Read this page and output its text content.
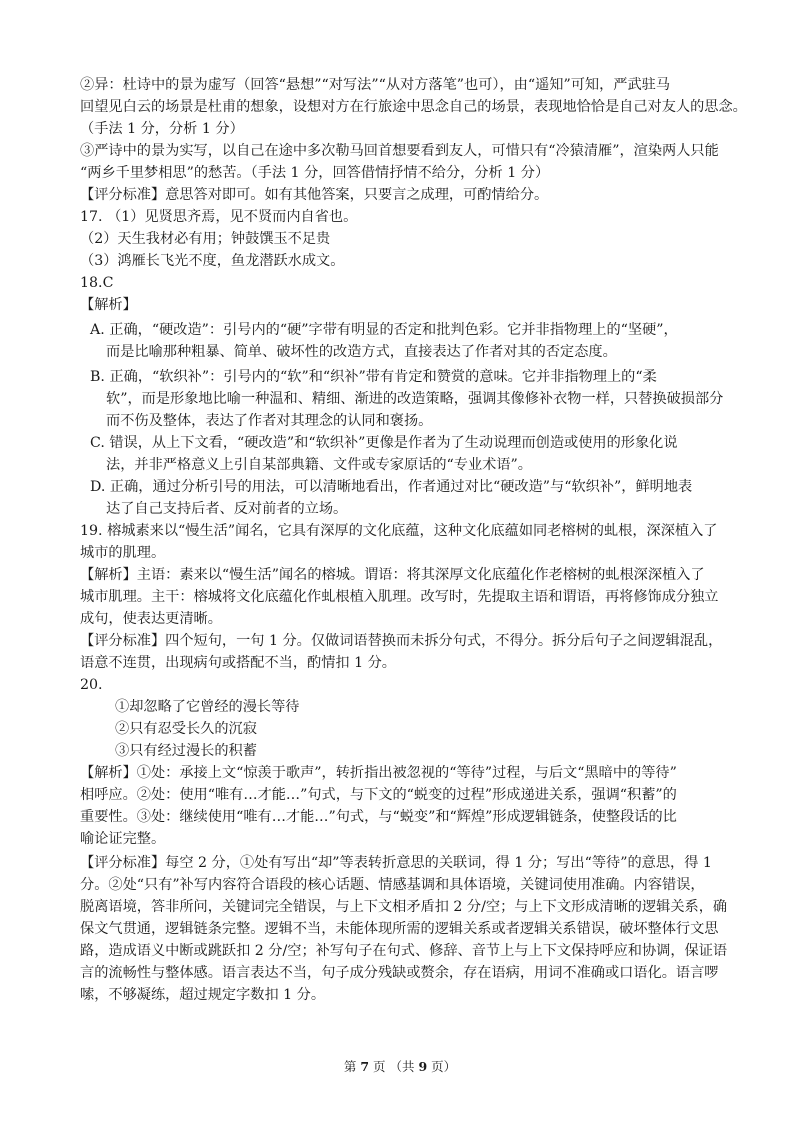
②异：杜诗中的景为虚写（回答“悬想”“对写法”“从对方落笔”也可），由“遥知”可知，严武驻马
回望见白云的场景是杜甫的想象，设想对方在行旅途中思念自己的场景，表现地恰恰是自己对友人的思念。
（手法 1 分，分析 1 分）
③严诗中的景为实写，以自己在途中多次勒马回首想要看到友人，可惜只有“冷猿清雁”，渲染两人只能
“两乡千里梦相思”的愁苦。（手法 1 分，回答借情抒情不给分，分析 1 分）
【评分标准】意思答对即可。如有其他答案，只要言之成理，可酌情给分。
17. （1）见贤思齐焉，见不贤而内自省也。
（2）天生我材必有用；钟鼓馔玉不足贵
（3）鸿雁长飞光不度，鱼龙潜跃水成文。
18.C
【解析】
A. 正确，“硬改造”：引号内的“硬”字带有明显的否定和批判色彩。它并非指物理上的“坚硬”，
而是比喻那种粗暴、简单、破坏性的改造方式，直接表达了作者对其的否定态度。
B. 正确，“软织补”：引号内的“软”和“织补”带有肯定和赞赏的意味。它并非指物理上的“柔
软”，而是形象地比喻一种温和、精细、渐进的改造策略，强调其像修补衣物一样，只替换破损部分
而不伤及整体，表达了作者对其理念的认同和褒扬。
C. 错误，从上下文看，“硬改造”和“软织补”更像是作者为了生动说理而创造或使用的形象化说
法，并非严格意义上引自某部典籍、文件或专家原话的“专业术语”。
D. 正确，通过分析引号的用法，可以清晰地看出，作者通过对比“硬改造”与“软织补”，鲜明地表
达了自己支持后者、反对前者的立场。
19. 榕城素来以“慢生活”闻名，它具有深厚的文化底蕴，这种文化底蕴如同老榕树的虬根，深深植入了
城市的肌理。
【解析】主语：素来以“慢生活”闻名的榕城。谓语：将其深厚文化底蕴化作老榕树的虬根深深植入了
城市肌理。主干：榕城将文化底蕴化作虬根植入肌理。改写时，先提取主语和谓语，再将修饰成分独立
成句，使表达更清晰。
【评分标准】四个短句，一句 1 分。仅做词语替换而未拆分句式，不得分。拆分后句子之间逻辑混乱，
语意不连贯，出现病句或搭配不当，酌情扣 1 分。
20.
①却忽略了它曾经的漫长等待
②只有忍受长久的沉寂
③只有经过漫长的积蓄
【解析】①处：承接上文“惊羡于歌声”，转折指出被忽视的“等待”过程，与后文“黑暗中的等待”
相呼应。②处：使用“唯有…才能…”句式，与下文的“蜕变的过程”形成递进关系，强调“积蓄”的
重要性。③处：继续使用“唯有…才能…”句式，与“蜕变”和“辉煌”形成逻辑链条，使整段话的比
喻论证完整。
【评分标准】每空 2 分，①处有写出“却”等表转折意思的关联词，得 1 分；写出“等待”的意思，得 1
分。②处“只有”补写内容符合语段的核心话题、情感基调和具体语境，关键词使用准确。内容错误，
脱离语境，答非所问，关键词完全错误，与上下文相矛盾扣 2 分/空；与上下文形成清晰的逻辑关系，确
保文气贯通，逻辑链条完整。逻辑不当，未能体现所需的逻辑关系或者逻辑关系错误，破坏整体行文思
路，造成语义中断或跳跃扣 2 分/空；补写句子在句式、修辞、音节上与上下文保持呼应和协调，保证语
言的流畅性与整体感。语言表达不当，句子成分残缺或赘余，存在语病，用词不准确或口语化。语言啰
嗦，不够凝练，超过规定字数扣 1 分。
第 7 页 （共 9 页）
